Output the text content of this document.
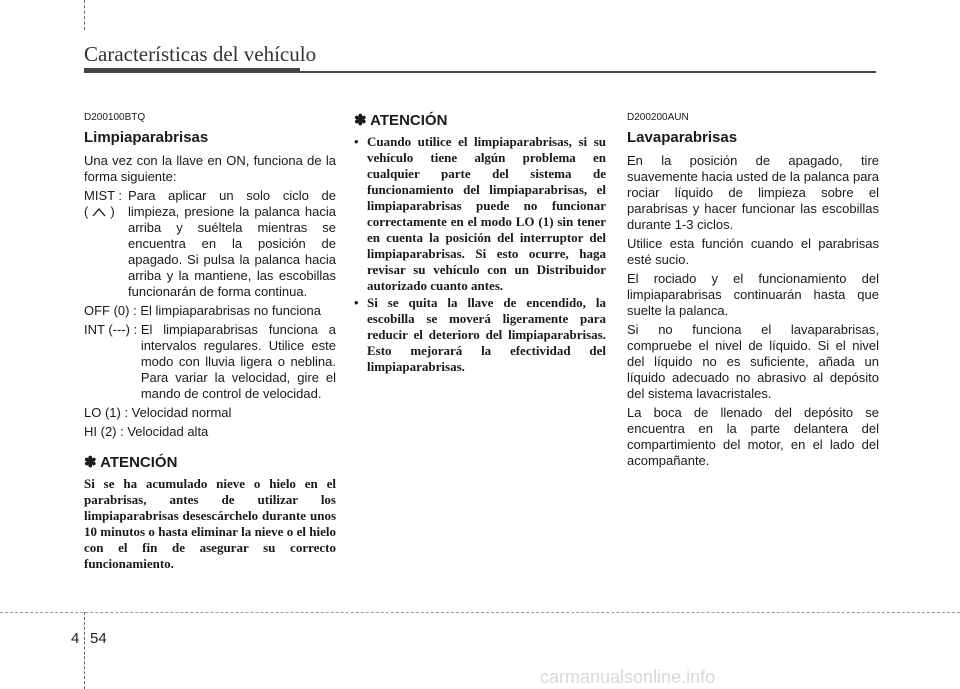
Características del vehículo

D200100BTQ

Limpiaparabrisas

Una vez con la llave en ON, funciona de la forma siguiente:

MIST :
( )
Para aplicar un solo ciclo de limpieza, presione la palanca hacia arriba y suéltela mientras se encuentra en la posición de apagado. Si pulsa la palanca hacia arriba y la mantiene, las escobillas funcionarán de forma continua.
OFF (0) :
El limpiaparabrisas no funciona
INT (---) :
El limpiaparabrisas funciona a intervalos regulares. Utilice este modo con lluvia ligera o neblina. Para variar la velocidad, gire el mando de control de velocidad.

LO (1) : Velocidad normal

HI (2) : Velocidad alta

✽ ATENCIÓN

Si se ha acumulado nieve o hielo en el parabrisas, antes de utilizar los limpiaparabrisas desescárchelo durante unos 10 minutos o hasta eliminar la nieve o el hielo con el fin de asegurar su correcto funcionamiento.

✽ ATENCIÓN

• Cuando utilice el limpiaparabrisas, si su vehículo tiene algún problema en cualquier parte del sistema de funcionamiento del limpiaparabrisas, el limpiaparabrisas puede no funcionar correctamente en el modo LO (1) sin tener en cuenta la posición del interruptor del limpiaparabrisas. Si esto ocurre, haga revisar su vehículo con un Distribuidor autorizado cuanto antes.
• Si se quita la llave de encendido, la escobilla se moverá ligeramente para reducir el deterioro del limpiaparabrisas. Esto mejorará la efectividad del limpiaparabrisas.

D200200AUN

Lavaparabrisas

En la posición de apagado, tire suavemente hacia usted de la palanca para rociar líquido de limpieza sobre el parabrisas y hacer funcionar las escobillas durante 1-3 ciclos.

Utilice esta función cuando el parabrisas esté sucio.

El rociado y el funcionamiento del limpiaparabrisas continuarán hasta que suelte la palanca.

Si no funciona el lavaparabrisas, compruebe el nivel de líquido. Si el nivel del líquido no es suficiente, añada un líquido adecuado no abrasivo al depósito del sistema lavacristales.

La boca de llenado del depósito se encuentra en la parte delantera del compartimiento del motor, en el lado del acompañante.

4 54
carmanualsonline.info
